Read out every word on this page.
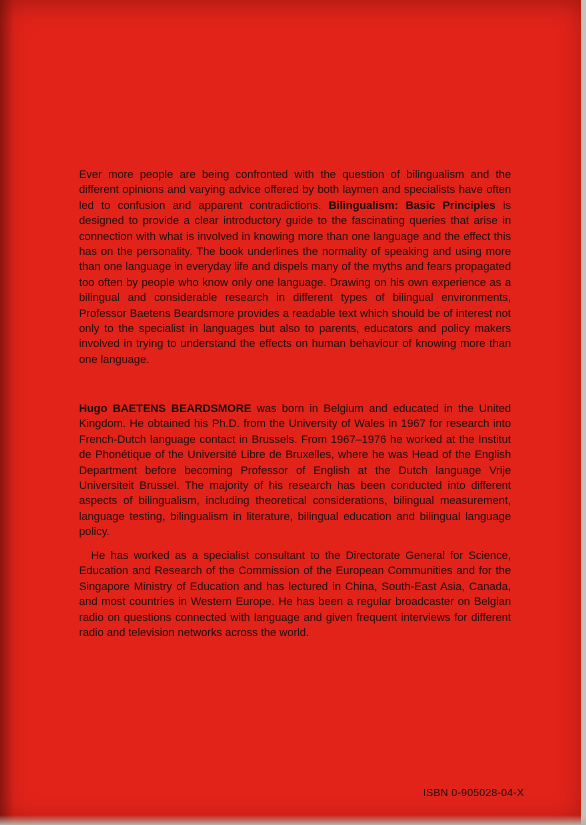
Ever more people are being confronted with the question of bilingualism and the different opinions and varying advice offered by both laymen and specialists have often led to confusion and apparent contradictions. Bilingualism: Basic Principles is designed to provide a clear introductory guide to the fascinating queries that arise in connection with what is involved in knowing more than one language and the effect this has on the personality. The book underlines the normality of speaking and using more than one language in everyday life and dispels many of the myths and fears propagated too often by people who know only one language. Drawing on his own experience as a bilingual and considerable research in different types of bilingual environments, Professor Baetens Beardsmore provides a readable text which should be of interest not only to the specialist in languages but also to parents, educators and policy makers involved in trying to understand the effects on human behaviour of knowing more than one language.

Hugo BAETENS BEARDSMORE was born in Belgium and educated in the United Kingdom. He obtained his Ph.D. from the University of Wales in 1967 for research into French-Dutch language contact in Brussels. From 1967–1976 he worked at the Institut de Phonétique of the Université Libre de Bruxelles, where he was Head of the English Department before becoming Professor of English at the Dutch language Vrije Universiteit Brussel. The majority of his research has been conducted into different aspects of bilingualism, including theoretical considerations, bilingual measurement, language testing, bilingualism in literature, bilingual education and bilingual language policy.

He has worked as a specialist consultant to the Directorate General for Science, Education and Research of the Commission of the European Communities and for the Singapore Ministry of Education and has lectured in China, South-East Asia, Canada, and most countries in Western Europe. He has been a regular broadcaster on Belgian radio on questions connected with language and given frequent interviews for different radio and television networks across the world.

ISBN 0-905028-04-X
